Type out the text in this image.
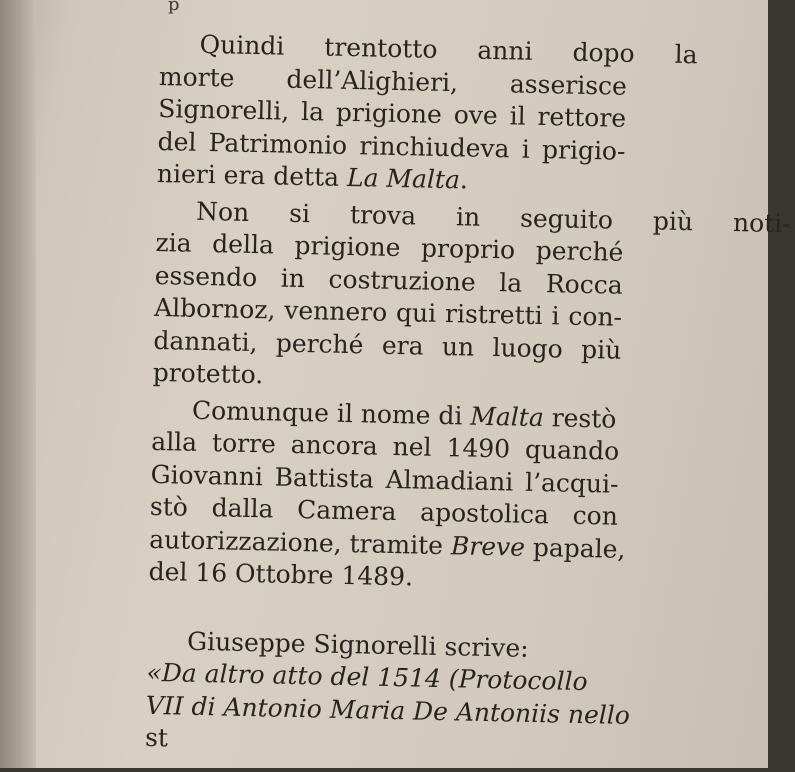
p
Quindi	trentotto	anni	dopo	la
morte dell’Alighieri, asserisce
Signorelli, la prigione ove il rettore
del Patrimonio rinchiudeva i prigio-
nieri era detta La Malta.
Non	si	trova	in	seguito	più	noti-
zia della prigione proprio perché
essendo in costruzione la Rocca
Albornoz, vennero qui ristretti i con-
dannati, perché era un luogo più
protetto.
Comunque il nome di Malta restò
alla torre ancora nel 1490 quando
Giovanni Battista Almadiani l’acqui-
stò dalla Camera apostolica con
autorizzazione, tramite Breve papale,
del 16 Ottobre 1489.
Giuseppe Signorelli scrive:
«Da altro atto del 1514 (Protocollo
VII di Antonio Maria De Antoniis nello
st
